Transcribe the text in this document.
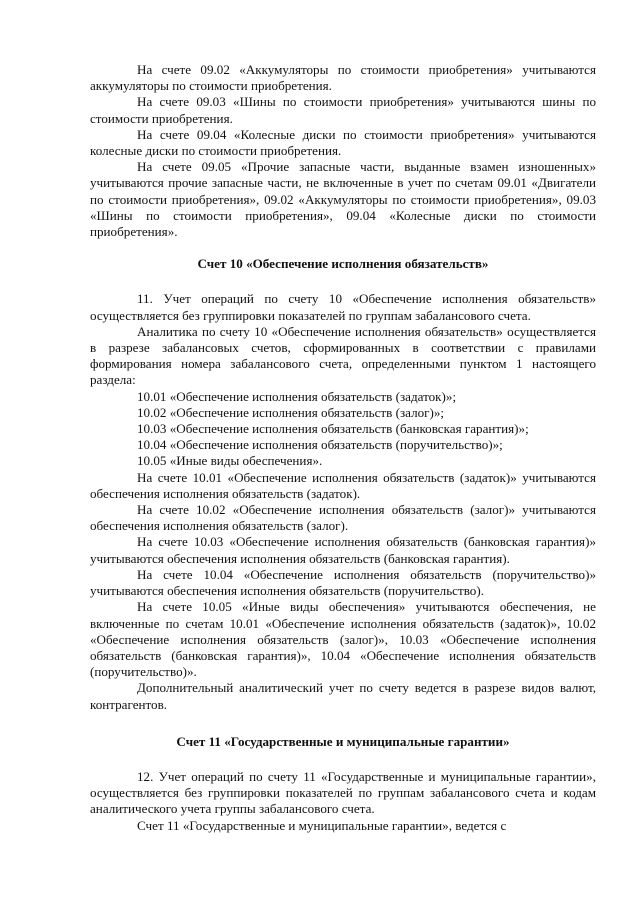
На счете 09.02 «Аккумуляторы по стоимости приобретения» учитываются аккумуляторы по стоимости приобретения.

На счете 09.03 «Шины по стоимости приобретения» учитываются шины по стоимости приобретения.

На счете 09.04 «Колесные диски по стоимости приобретения» учитываются колесные диски по стоимости приобретения.

На счете 09.05 «Прочие запасные части, выданные взамен изношенных» учитываются прочие запасные части, не включенные в учет по счетам 09.01 «Двигатели по стоимости приобретения», 09.02 «Аккумуляторы по стоимости приобретения», 09.03 «Шины по стоимости приобретения», 09.04 «Колесные диски по стоимости приобретения».

Счет 10 «Обеспечение исполнения обязательств»

11. Учет операций по счету 10 «Обеспечение исполнения обязательств» осуществляется без группировки показателей по группам забалансового счета.

Аналитика по счету 10 «Обеспечение исполнения обязательств» осуществляется в разрезе забалансовых счетов, сформированных в соответствии с правилами формирования номера забалансового счета, определенными пунктом 1 настоящего раздела:

10.01 «Обеспечение исполнения обязательств (задаток)»;

10.02 «Обеспечение исполнения обязательств (залог)»;

10.03 «Обеспечение исполнения обязательств (банковская гарантия)»;

10.04 «Обеспечение исполнения обязательств (поручительство)»;

10.05 «Иные виды обеспечения».

На счете 10.01 «Обеспечение исполнения обязательств (задаток)» учитываются обеспечения исполнения обязательств (задаток).

На счете 10.02 «Обеспечение исполнения обязательств (залог)» учитываются обеспечения исполнения обязательств (залог).

На счете 10.03 «Обеспечение исполнения обязательств (банковская гарантия)» учитываются обеспечения исполнения обязательств (банковская гарантия).

На счете 10.04 «Обеспечение исполнения обязательств (поручительство)» учитываются обеспечения исполнения обязательств (поручительство).

На счете 10.05 «Иные виды обеспечения» учитываются обеспечения, не включенные по счетам 10.01 «Обеспечение исполнения обязательств (задаток)», 10.02 «Обеспечение исполнения обязательств (залог)», 10.03 «Обеспечение исполнения обязательств (банковская гарантия)», 10.04 «Обеспечение исполнения обязательств (поручительство)».

Дополнительный аналитический учет по счету ведется в разрезе видов валют, контрагентов.

Счет 11 «Государственные и муниципальные гарантии»

12. Учет операций по счету 11 «Государственные и муниципальные гарантии», осуществляется без группировки показателей по группам забалансового счета и кодам аналитического учета группы забалансового счета.

Счет 11 «Государственные и муниципальные гарантии», ведется с
